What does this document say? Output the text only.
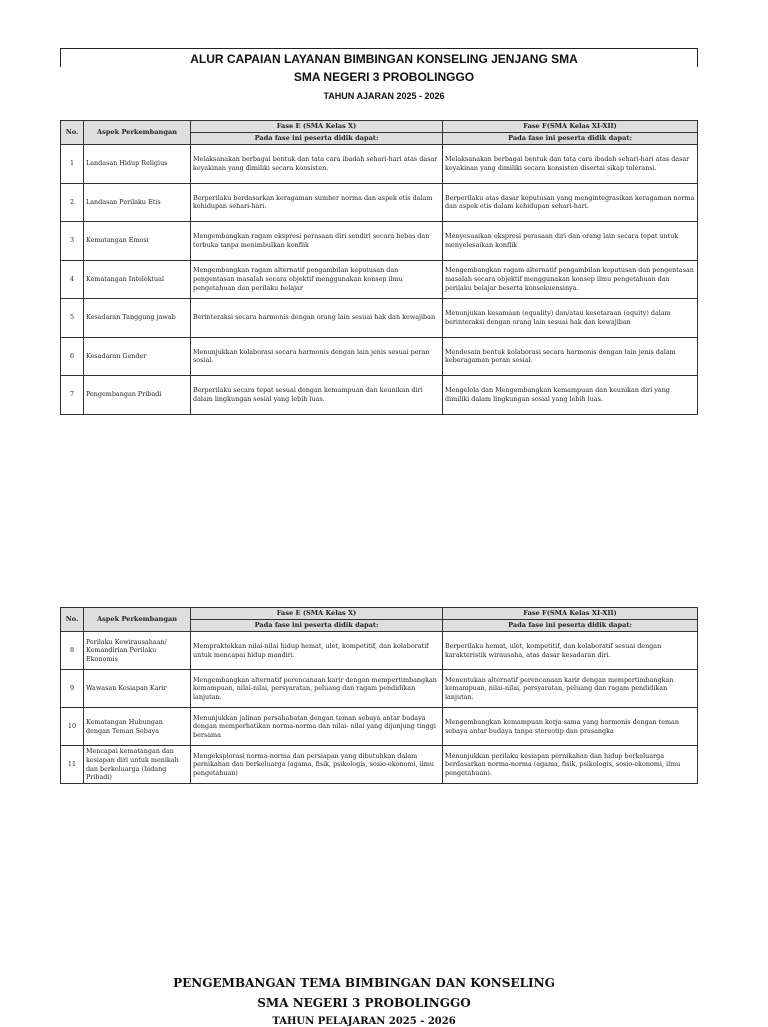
ALUR CAPAIAN LAYANAN BIMBINGAN KONSELING JENJANG SMA
SMA NEGERI 3 PROBOLINGGO
TAHUN AJARAN 2025 - 2026
No.	Aspek Perkembangan	Fase E (SMA Kelas X)	Fase F(SMA Kelas XI-XII)
		Pada fase ini peserta didik dapat:	Pada fase ini peserta didik dapat:
1	Landasan Hidup Religius	Melaksanakan berbagai bentuk dan tata cara ibadah sehari-hari atas dasar keyakinan yang dimiliki secara konsisten.	Melaksanakan berbagai bentuk dan tata cara ibadah sehari-hari atas dasar keyakinan yang dimiliki secara konsisten disertai sikap toleransi.
2	Landasan Perilaku Etis	Berperilaku berdasarkan keragaman sumber norma dan aspek etis dalam kehidupan sehari-hari.	Berperilaku atas dasar keputusan yang mengintegrasikan keragaman norma dan aspek etis dalam kehidupan sehari-hari.
3	Kematangan Emosi	Mengembangkan ragam ekspresi perasaan diri sendiri secara bebas dan terbuka tanpa menimbulkan konflik	Menyesuaikan ekspresi perasaan diri dan orang lain secara tepat untuk menyelesaikan konflik
4	Kematangan Intelektual	Mengembangkan ragam alternatif pengambilan keputusan dan pengentasan masalah secara objektif menggunakan konsep ilmu pengetahuan dan perilaku belajar	Mengembangkan ragam alternatif pengambilan keputusan dan pengentasan masalah secara objektif menggunakan konsep ilmu pengetahuan dan perilaku belajar beserta konsekuensinya.
5	Kesadaran Tanggung jawab	Berinteraksi secara harmonis dengan orang lain sesuai hak dan kewajiban	Menunjukan kesamaan (equality) dan/atau kesetaraan (equity) dalam berinteraksi dengan orang lain sesuai hak dan kewajiban
6	Kesadaran Gender	Menunjukkan kolaborasi secara harmonis dengan lain jenis sesuai peran sosial.	Mendesain bentuk kolaborasi secara harmonis dengan lain jenis dalam keberagaman peran sosial.
7	Pengembangan Pribadi	Berperilaku secara tepat sesuai dengan kemampuan dan keunikan diri dalam lingkungan sosial yang lebih luas.	Mengelola dan Mengembangkan kemampuan dan keunikan diri yang dimiliki dalam lingkungan sosial yang lebih luas.
No.	Aspek Perkembangan	Fase E (SMA Kelas X)	Fase F(SMA Kelas XI-XII)
		Pada fase ini peserta didik dapat:	Pada fase ini peserta didik dapat:
8	Perilaku Kewirausahaan/ Kemandirian Perilaku Ekonomis	Mempraktekkan nilai-nilai hidup hemat, ulet, kompetitif, dan kolaboratif untuk mencapai hidup mandiri.	Berperilaku hemat, ulet, kompetitif, dan kolaboratif sesuai dengan karakteristik wirausaha, atas dasar kesadaran diri.
9	Wawasan Kesiapan Karir	Mengembangkan alternatif perencanaan karir dengan mempertimbangkan kemampuan, nilai-nilai, persyaratan, peluang dan ragam pendidikan lanjutan.	Menentukan alternatif perencanaan karir dengan mempertimbangkan kemampuan, nilai-nilai, persyaratan, peluang dan ragam pendidikan lanjutan.
10	Kematangan Hubungan dengan Teman Sebaya	Menunjukkan jalinan persahabatan dengan teman sebaya antar budaya dengan memperhatikan norma-norma dan nilai- nilai yang dijunjung tinggi bersama	Mengembangkan kemampuan kerja sama yang harmonis dengan teman sebaya antar budaya tanpa stereotip dan prasangka
11	Mencapai kematangan dan kesiapan diri untuk menikah dan berkeluarga (bidang Pribadi)	Mengeksplorasi norma-norma dan persiapan yang dibutuhkan dalam pernikahan dan berkeluarga (agama, fisik, psikologis, sosio-ekonomi, ilmu pengetahuan)	Menunjukkan perilaku kesiapan pernikahan dan hidup berkeluarga berdasarkan norma-norma (agama, fisik, psikologis, sosio-ekonomi, ilmu pengetahuan).
PENGEMBANGAN TEMA BIMBINGAN DAN KONSELING
SMA NEGERI 3 PROBOLINGGO
TAHUN PELAJARAN 2025 - 2026
